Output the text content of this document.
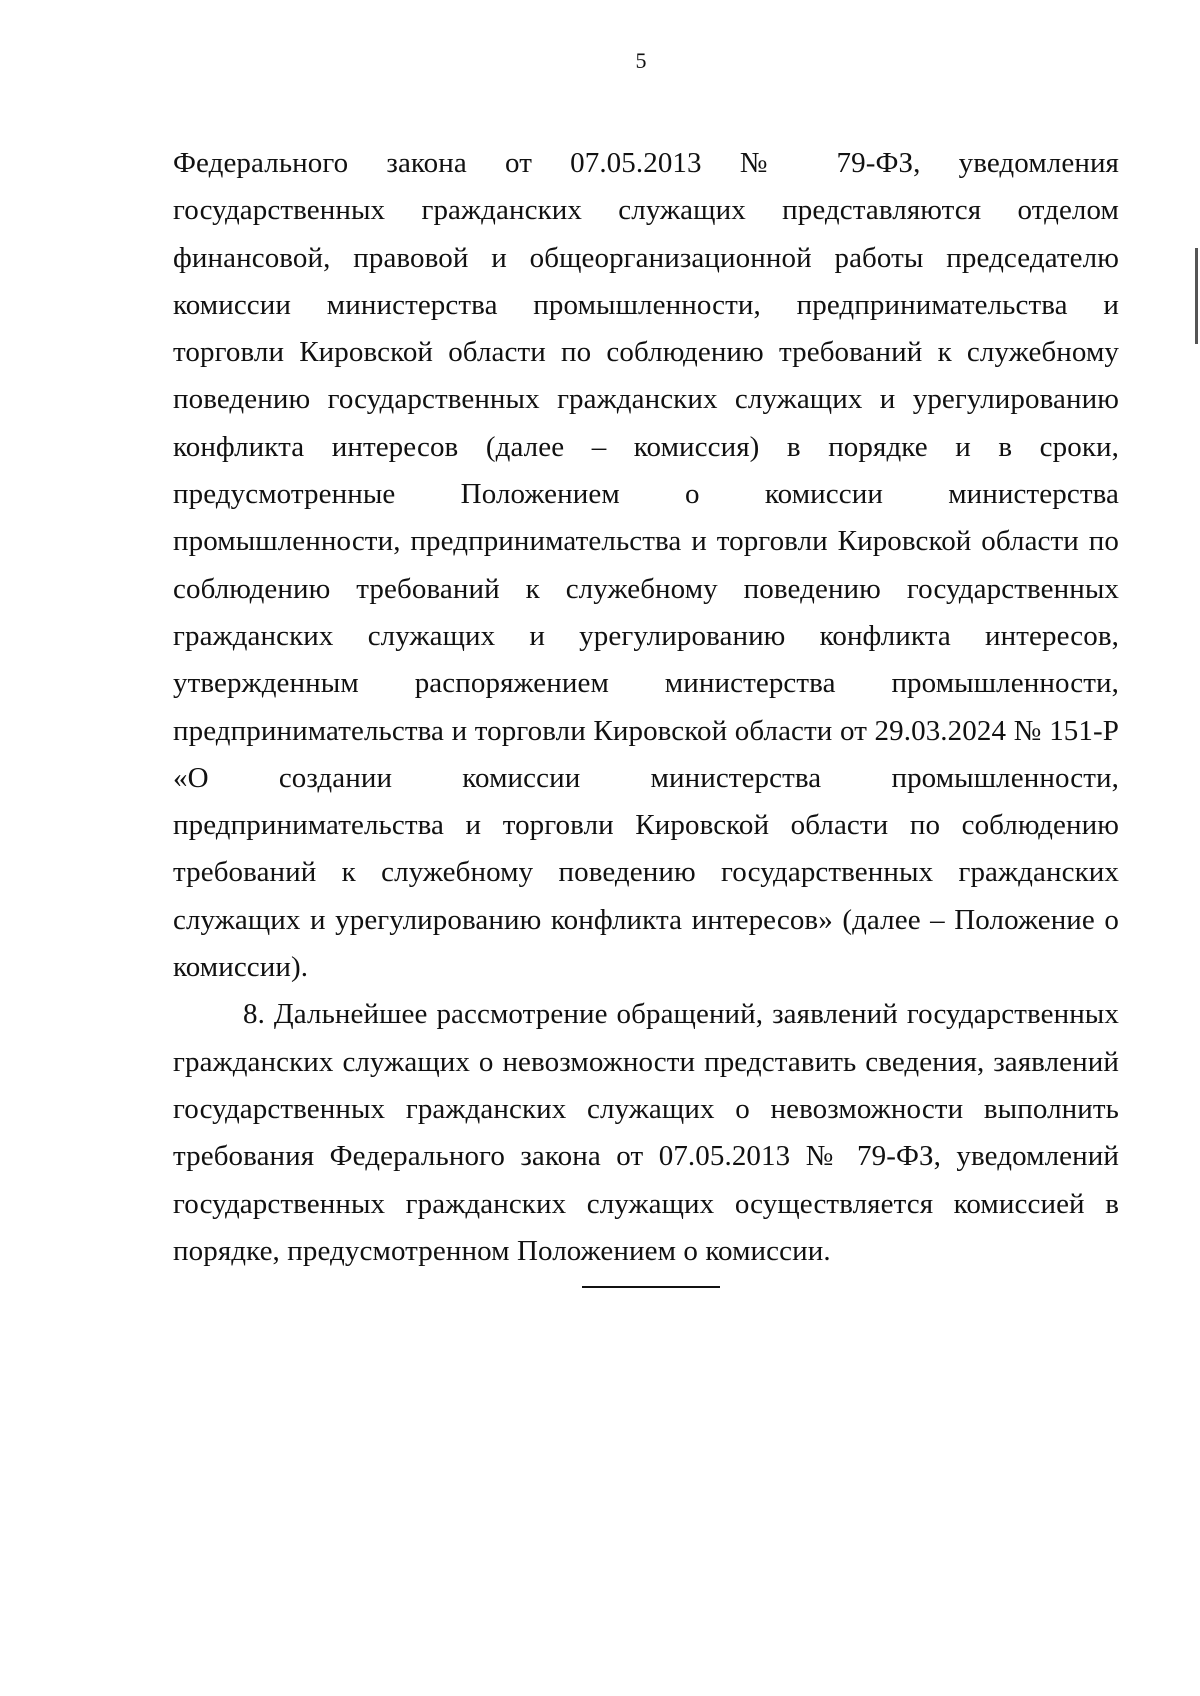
5

Федерального закона от 07.05.2013 № 79-ФЗ, уведомления государственных гражданских служащих представляются отделом финансовой, правовой и общеорганизационной работы председателю комиссии министерства промышленности, предпринимательства и торговли Кировской области по соблюдению требований к служебному поведению государственных гражданских служащих и урегулированию конфликта интересов (далее – комиссия) в порядке и в сроки, предусмотренные Положением о комиссии министерства промышленности, предпринимательства и торговли Кировской области по соблюдению требований к служебному поведению государственных гражданских служащих и урегулированию конфликта интересов, утвержденным распоряжением министерства промышленности, предпринимательства и торговли Кировской области от 29.03.2024 № 151-Р «О создании комиссии министерства промышленности, предпринимательства и торговли Кировской области по соблюдению требований к служебному поведению государственных гражданских служащих и урегулированию конфликта интересов» (далее – Положение о комиссии).

8. Дальнейшее рассмотрение обращений, заявлений государственных гражданских служащих о невозможности представить сведения, заявлений государственных гражданских служащих о невозможности выполнить требования Федерального закона от 07.05.2013 № 79-ФЗ, уведомлений государственных гражданских служащих осуществляется комиссией в порядке, предусмотренном Положением о комиссии.
